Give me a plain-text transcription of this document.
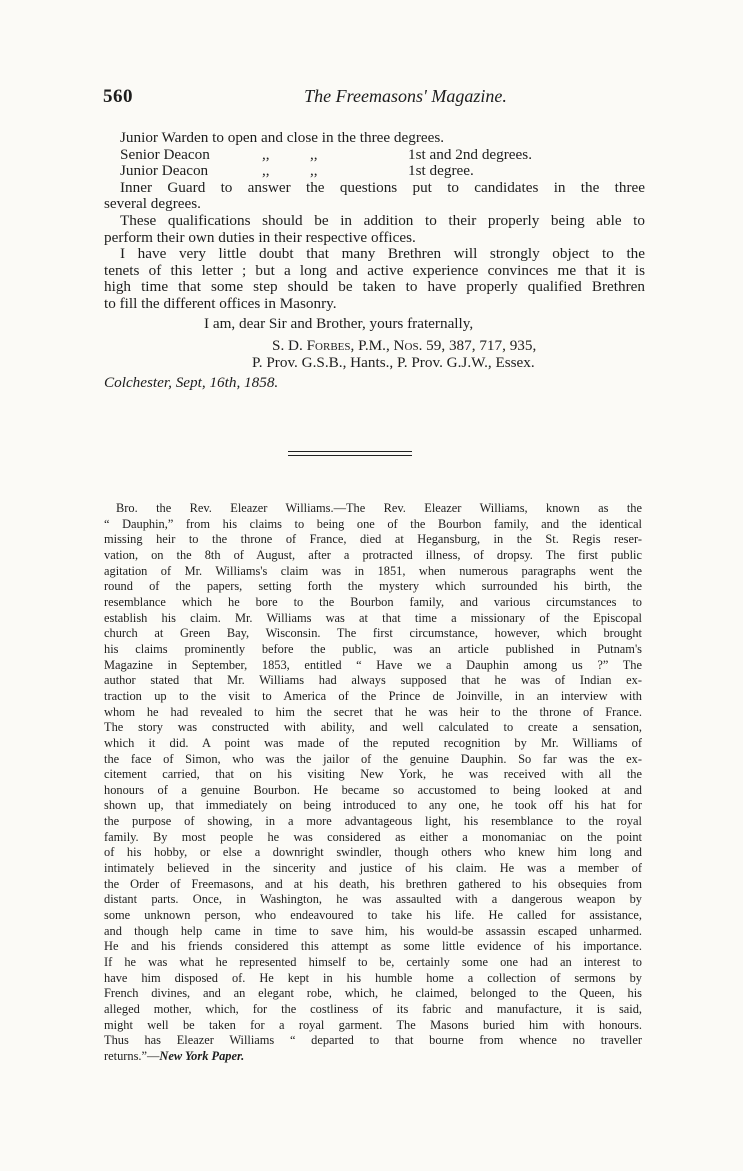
560	The Freemasons' Magazine.
Junior Warden to open and close in the three degrees.
Senior Deacon	,,	,,	1st and 2nd degrees.
Junior Deacon	,,	,,	1st degree.
Inner Guard to answer the questions put to candidates in the three
several degrees.
These qualifications should be in addition to their properly being able to
perform their own duties in their respective offices.
I have very little doubt that many Brethren will strongly object to the
tenets of this letter ; but a long and active experience convinces me that it is
high time that some step should be taken to have properly qualified Brethren
to fill the different offices in Masonry.
I am, dear Sir and Brother, yours fraternally,
S. D. Forbes, P.M., Nos. 59, 387, 717, 935,
P. Prov. G.S.B., Hants., P. Prov. G.J.W., Essex.
Colchester, Sept, 16th, 1858.
Bro. the Rev. Eleazer Williams.—The Rev. Eleazer Williams, known as the
“ Dauphin,” from his claims to being one of the Bourbon family, and the identical
missing heir to the throne of France, died at Hegansburg, in the St. Regis reser-
vation, on the 8th of August, after a protracted illness, of dropsy. The first public
agitation of Mr. Williams's claim was in 1851, when numerous paragraphs went the
round of the papers, setting forth the mystery which surrounded his birth, the
resemblance which he bore to the Bourbon family, and various circumstances to
establish his claim. Mr. Williams was at that time a missionary of the Episcopal
church at Green Bay, Wisconsin. The first circumstance, however, which brought
his claims prominently before the public, was an article published in Putnam's
Magazine in September, 1853, entitled “ Have we a Dauphin among us ?” The
author stated that Mr. Williams had always supposed that he was of Indian ex-
traction up to the visit to America of the Prince de Joinville, in an interview with
whom he had revealed to him the secret that he was heir to the throne of France.
The story was constructed with ability, and well calculated to create a sensation,
which it did. A point was made of the reputed recognition by Mr. Williams of
the face of Simon, who was the jailor of the genuine Dauphin. So far was the ex-
citement carried, that on his visiting New York, he was received with all the
honours of a genuine Bourbon. He became so accustomed to being looked at and
shown up, that immediately on being introduced to any one, he took off his hat for
the purpose of showing, in a more advantageous light, his resemblance to the royal
family. By most people he was considered as either a monomaniac on the point
of his hobby, or else a downright swindler, though others who knew him long and
intimately believed in the sincerity and justice of his claim. He was a member of
the Order of Freemasons, and at his death, his brethren gathered to his obsequies from
distant parts. Once, in Washington, he was assaulted with a dangerous weapon by
some unknown person, who endeavoured to take his life. He called for assistance,
and though help came in time to save him, his would-be assassin escaped unharmed.
He and his friends considered this attempt as some little evidence of his importance.
If he was what he represented himself to be, certainly some one had an interest to
have him disposed of. He kept in his humble home a collection of sermons by
French divines, and an elegant robe, which, he claimed, belonged to the Queen, his
alleged mother, which, for the costliness of its fabric and manufacture, it is said,
might well be taken for a royal garment. The Masons buried him with honours.
Thus has Eleazer Williams “ departed to that bourne from whence no traveller
returns.”—New York Paper.
